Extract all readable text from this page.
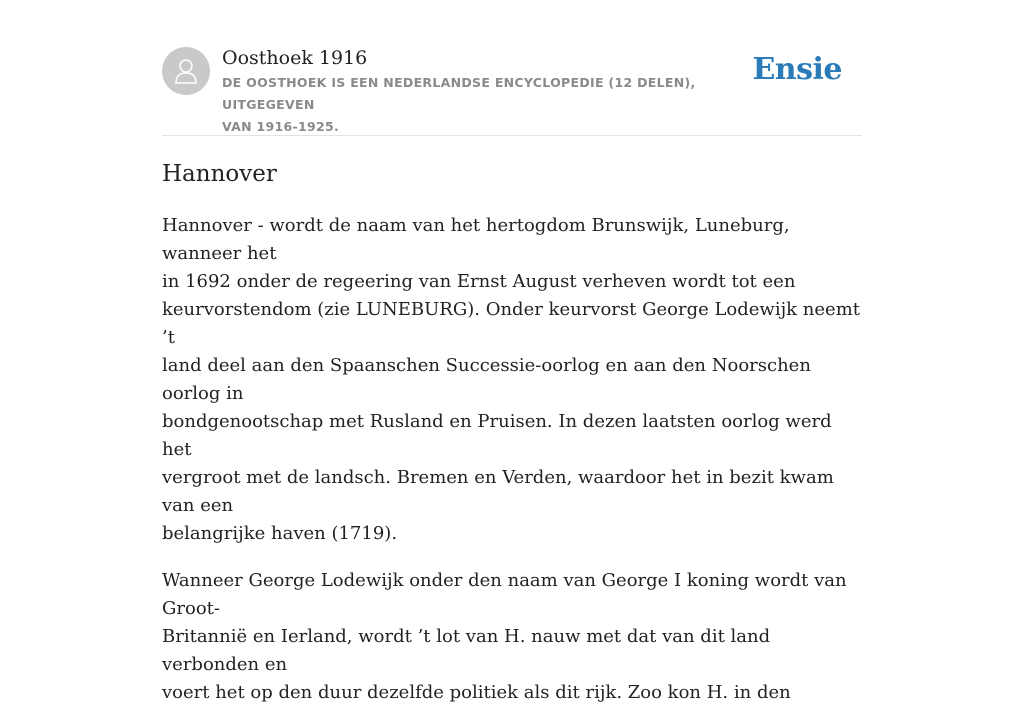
Oosthoek 1916
DE OOSTHOEK IS EEN NEDERLANDSE ENCYCLOPEDIE (12 DELEN), UITGEGEVEN
VAN 1916-1925.
Ensie
Hannover

Hannover - wordt de naam van het hertogdom Brunswijk, Luneburg, wanneer het
in 1692 onder de regeering van Ernst August verheven wordt tot een
keurvorstendom (zie LUNEBURG). Onder keurvorst George Lodewijk neemt ’t
land deel aan den Spaanschen Successie-oorlog en aan den Noorschen oorlog in
bondgenootschap met Rusland en Pruisen. In dezen laatsten oorlog werd het
vergroot met de landsch. Bremen en Verden, waardoor het in bezit kwam van een
belangrijke haven (1719).

Wanneer George Lodewijk onder den naam van George I koning wordt van Groot-
Britannië en Ierland, wordt ’t lot van H. nauw met dat van dit land verbonden en
voert het op den duur dezelfde politiek als dit rijk. Zoo kon H. in den
